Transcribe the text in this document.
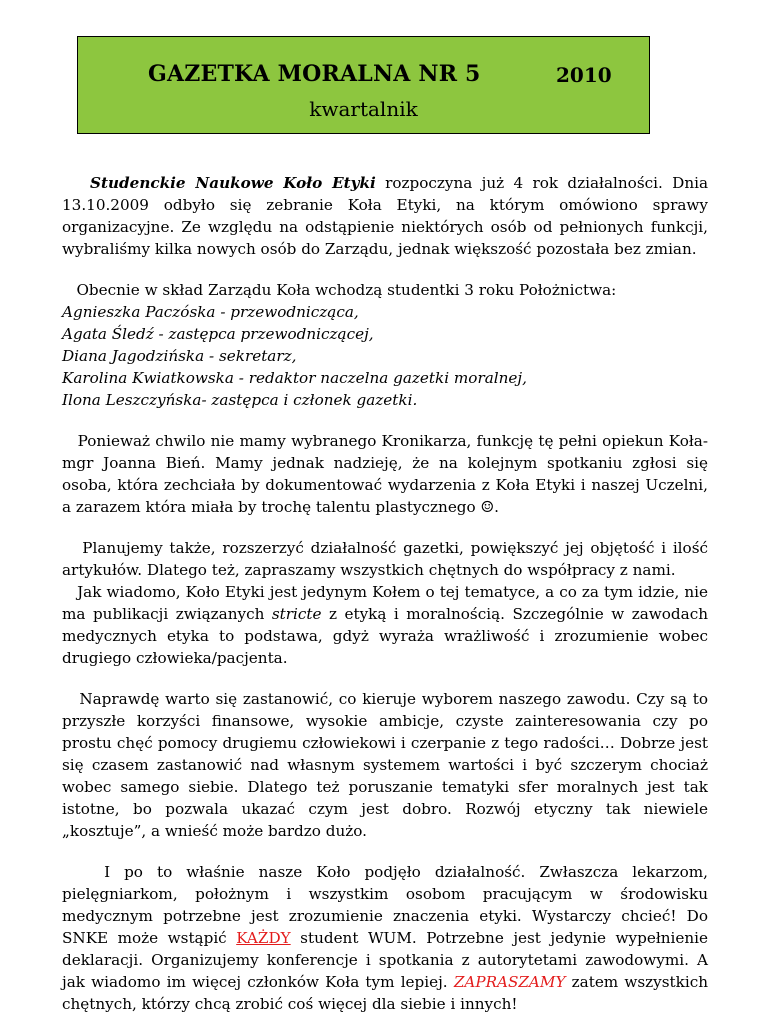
GAZETKA MORALNA NR 5	2010
kwartalnik

Studenckie Naukowe Koło Etyki rozpoczyna już 4 rok działalności. Dnia 13.10.2009 odbyło się zebranie Koła Etyki, na którym omówiono sprawy organizacyjne. Ze względu na odstąpienie niektórych osób od pełnionych funkcji, wybraliśmy kilka nowych osób do Zarządu, jednak większość pozostała bez zmian.

Obecnie w skład Zarządu Koła wchodzą studentki 3 roku Położnictwa:
Agnieszka Paczóska - przewodnicząca,
Agata Śledź - zastępca przewodniczącej,
Diana Jagodzińska - sekretarz,
Karolina Kwiatkowska - redaktor naczelna gazetki moralnej,
Ilona Leszczyńska- zastępca i członek gazetki.

Ponieważ chwilo nie mamy wybranego Kronikarza, funkcję tę pełni opiekun Koła- mgr Joanna Bień. Mamy jednak nadzieję, że na kolejnym spotkaniu zgłosi się osoba, która zechciała by dokumentować wydarzenia z Koła Etyki i naszej Uczelni, a zarazem która miała by trochę talentu plastycznego ☺.

Planujemy także, rozszerzyć działalność gazetki, powiększyć jej objętość i ilość artykułów. Dlatego też, zapraszamy wszystkich chętnych do współpracy z nami.

Jak wiadomo, Koło Etyki jest jedynym Kołem o tej tematyce, a co za tym idzie, nie ma publikacji związanych stricte z etyką i moralnością. Szczególnie w zawodach medycznych etyka to podstawa, gdyż wyraża wrażliwość i zrozumienie wobec drugiego człowieka/pacjenta.

Naprawdę warto się zastanowić, co kieruje wyborem naszego zawodu. Czy są to przyszłe korzyści finansowe, wysokie ambicje, czyste zainteresowania czy po prostu chęć pomocy drugiemu człowiekowi i czerpanie z tego radości… Dobrze jest się czasem zastanowić nad własnym systemem wartości i być szczerym chociaż wobec samego siebie. Dlatego też poruszanie tematyki sfer moralnych jest tak istotne, bo pozwala ukazać czym jest dobro. Rozwój etyczny tak niewiele „kosztuje”, a wnieść może bardzo dużo.

I po to właśnie nasze Koło podjęło działalność. Zwłaszcza lekarzom, pielęgniarkom, położnym i wszystkim osobom pracującym w środowisku medycznym potrzebne jest zrozumienie znaczenia etyki. Wystarczy chcieć! Do SNKE może wstąpić KAŻDY student WUM. Potrzebne jest jedynie wypełnienie deklaracji. Organizujemy konferencje i spotkania z autorytetami zawodowymi. A jak wiadomo im więcej członków Koła tym lepiej. ZAPRASZAMY zatem wszystkich chętnych, którzy chcą zrobić coś więcej dla siebie i innych!
